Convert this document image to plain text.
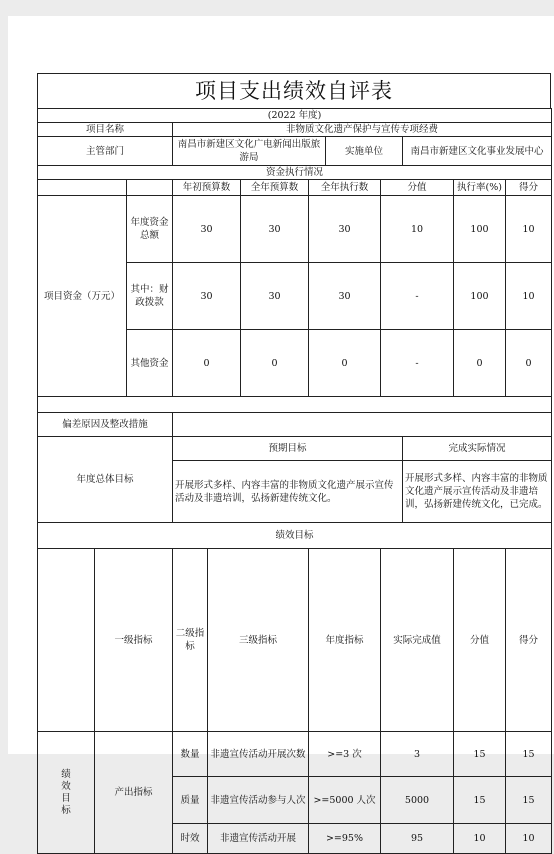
项目支出绩效自评表
(2022 年度)												
项目名称			非物质文化遗产保护与宣传专项经费									
主管部门			南昌市新建区文化广电新闻出版旅游局				实施单位		南昌市新建区文化事业发展中心			
资金执行情况												
			年初预算数		全年预算数	全年执行数		分值		执行率(%)	得分	
项目资金（万元）		年度资金总额	30		30	30		10		100	10	
		其中：财政拨款	30		30	30		-		100	10	
		其他资金	0		0	0		-		0	0	

偏差原因及整改措施												
年度总体目标			预期目标						完成实际情况			
			开展形式多样、内容丰富的非物质文化遗产展示宣传活动及非遗培训，弘扬新建传统文化。						开展形式多样、内容丰富的非物质文化遗产展示宣传活动及非遗培训，弘扬新建传统文化，已完成。			
绩效目标												
	一级指标		二级指标	三级指标		年度指标		实际完成值		分值	得分	

绩效目标	产出指标		数量	非遗宣传活动开展次数		>=3 次		3		15	15	
			质量	非遗宣传活动参与人次		>=5000 人次		5000		15	15	
			时效	非遗宣传活动开展		>=95%		95		10	10	
